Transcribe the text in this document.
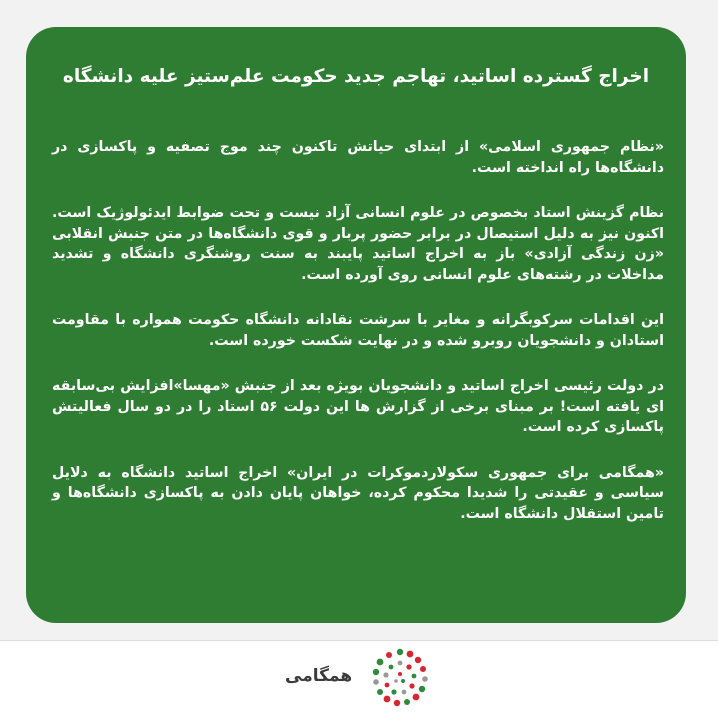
اخراج گسترده اساتید، تهاجم جدید حکومت علم‌ستیز علیه دانشگاه

«نظام جمهوری اسلامی» از ابتدای حیاتش تاکنون چند موج تصفیه و پاکسازی در دانشگاه‌ها راه انداخته است.

نظام گزینش استاد بخصوص در علوم انسانی آزاد نیست و تحت ضوابط ایدئولوژیک است. اکنون نیز به دلیل استیصال در برابر حضور پربار و قوی دانشگاه‌ها در متن جنبش انقلابی «زن زندگی آزادی» باز به اخراج اساتید پایبند به سنت روشنگری دانشگاه و تشدید مداخلات در رشته‌های علوم انسانی روی آورده است.

این اقدامات سرکوبگرانه و مغایر با سرشت نقادانه دانشگاه حکومت همواره با مقاومت استادان و دانشجویان روبرو شده و در نهایت شکست خورده است.

در دولت رئیسی اخراج اساتید و دانشجویان بویژه بعد از جنبش «مهسا»افزایش بی‌سابقه ای یافته است! بر مبنای برخی از گزارش ها این دولت ۵۶ استاد را در دو سال فعالیتش پاکسازی کرده است.

«همگامی برای جمهوری سکولاردموکرات در ایران» اخراج اساتید دانشگاه به دلایل سیاسی و عقیدتی را شدیدا محکوم کرده، خواهان پایان دادن به پاکسازی دانشگاه‌ها و تامین استقلال دانشگاه است.

همگامی
